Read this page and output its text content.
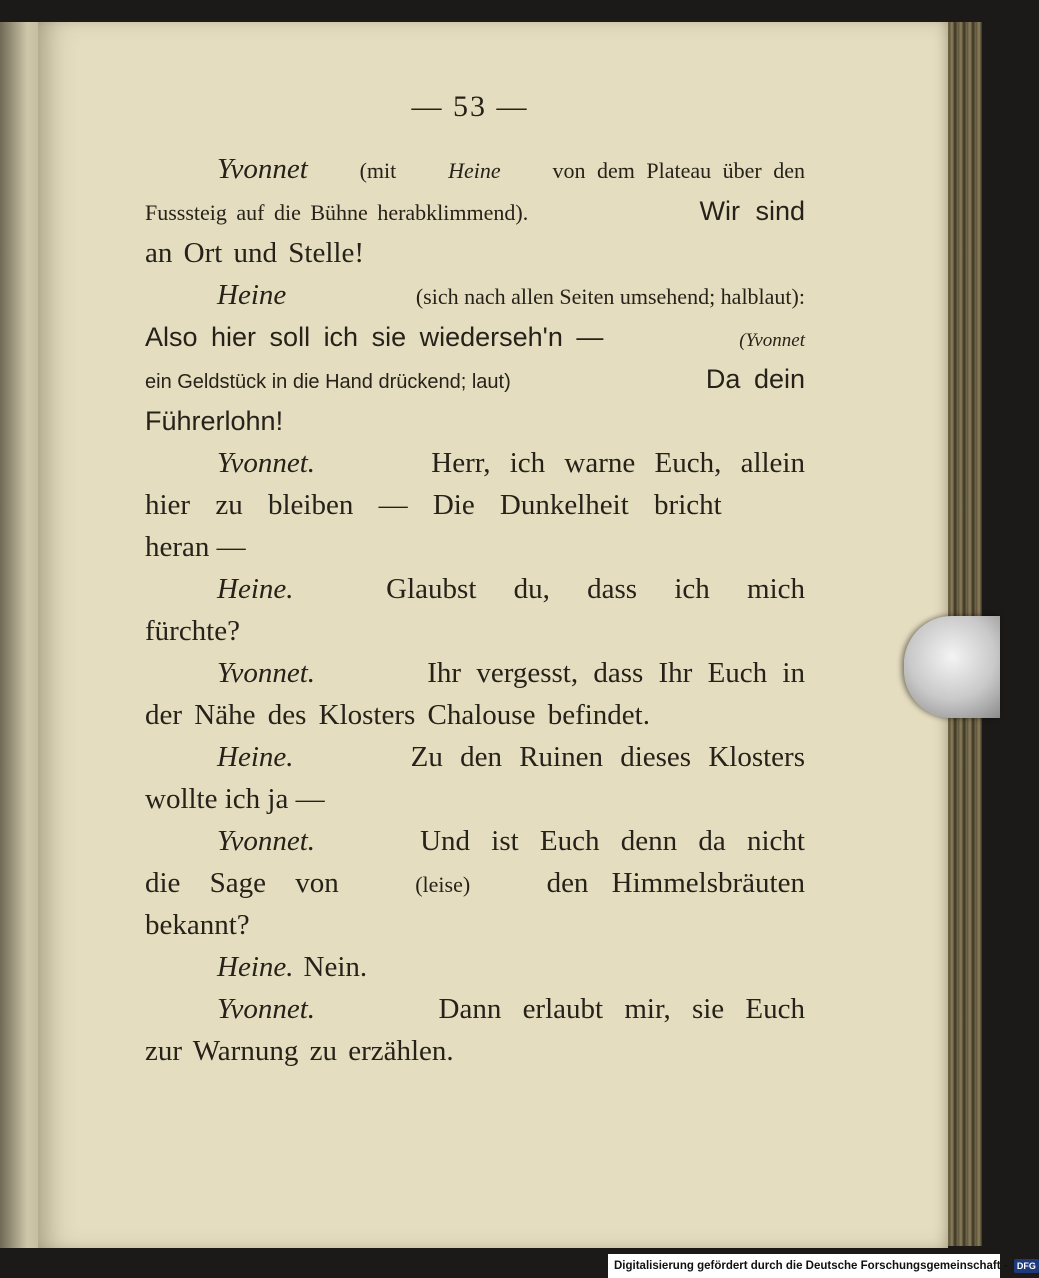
— 53 —
Yvonnet (mit Heine von dem Plateau über den
Fusssteig auf die Bühne herabklimmend).	Wir sind
an Ort und Stelle!
Heine	(sich nach allen Seiten umsehend; halblaut):
Also hier soll ich sie wiederseh'n —	(Yvonnet
ein Geldstück in die Hand drückend; laut)	Da dein
Führerlohn!
Yvonnet.	Herr, ich warne Euch, allein
hier zu bleiben — Die Dunkelheit bricht
heran —
Heine.	Glaubst du, dass ich mich
fürchte?
Yvonnet.	Ihr vergesst, dass Ihr Euch in
der Nähe des Klosters Chalouse befindet.
Heine.	Zu den Ruinen dieses Klosters
wollte ich ja —
Yvonnet.	Und ist Euch denn da nicht
die Sage von	(leise)	den Himmelsbräuten
bekannt?
Heine. Nein.
Yvonnet.	Dann erlaubt mir, sie Euch
zur Warnung zu erzählen.
Digitalisierung gefördert durch die Deutsche Forschungsgemeinschaft - DFG
